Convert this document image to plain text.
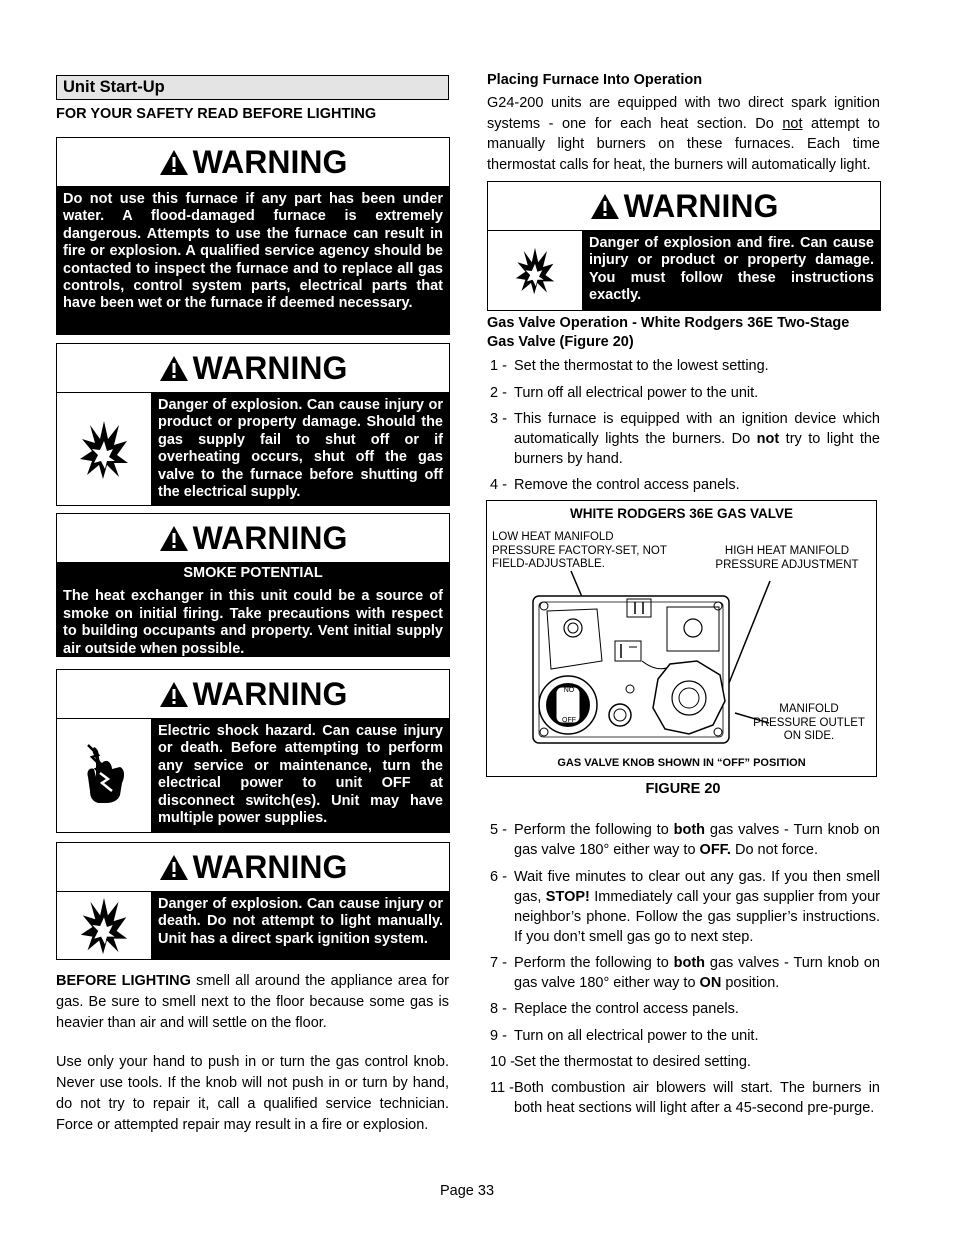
Unit Start-Up
FOR YOUR SAFETY READ BEFORE LIGHTING
WARNING
Do not use this furnace if any part has been under water. A flood-damaged furnace is extremely dangerous. Attempts to use the furnace can result in fire or explosion. A qualified service agency should be contacted to inspect the furnace and to replace all gas controls, control system parts, electrical parts that have been wet or the furnace if deemed necessary.
WARNING
Danger of explosion. Can cause injury or product or property damage. Should the gas supply fail to shut off or if overheating occurs, shut off the gas valve to the furnace before shutting off the electrical supply.
WARNING
SMOKE POTENTIAL
The heat exchanger in this unit could be a source of smoke on initial firing. Take precautions with respect to building occupants and property. Vent initial supply air outside when possible.
WARNING
Electric shock hazard. Can cause injury or death. Before attempting to perform any service or maintenance, turn the electrical power to unit OFF at disconnect switch(es). Unit may have multiple power supplies.
WARNING
Danger of explosion. Can cause injury or death. Do not attempt to light manually. Unit has a direct spark ignition system.
BEFORE LIGHTING smell all around the appliance area for gas. Be sure to smell next to the floor because some gas is heavier than air and will settle on the floor.
Use only your hand to push in or turn the gas control knob. Never use tools. If the knob will not push in or turn by hand, do not try to repair it, call a qualified service technician. Force or attempted repair may result in a fire or explosion.
Placing Furnace Into Operation
G24-200 units are equipped with two direct spark ignition systems - one for each heat section. Do not attempt to manually light burners on these furnaces. Each time thermostat calls for heat, the burners will automatically light.
WARNING
Danger of explosion and fire. Can cause injury or product or property damage. You must follow these instructions exactly.
Gas Valve Operation - White Rodgers 36E Two-Stage Gas Valve (Figure 20)
1 - Set the thermostat to the lowest setting.
2 - Turn off all electrical power to the unit.
3 - This furnace is equipped with an ignition device which automatically lights the burners. Do not try to light the burners by hand.
4 - Remove the control access panels.
WHITE RODGERS 36E GAS VALVE
LOW HEAT MANIFOLD PRESSURE FACTORY-SET, NOT FIELD-ADJUSTABLE.
HIGH HEAT MANIFOLD PRESSURE ADJUSTMENT
MANIFOLD PRESSURE OUTLET ON SIDE.
NO
OFF
GAS VALVE KNOB SHOWN IN “OFF” POSITION
FIGURE 20
5 - Perform the following to both gas valves - Turn knob on gas valve 180° either way to OFF. Do not force.
6 - Wait five minutes to clear out any gas. If you then smell gas, STOP! Immediately call your gas supplier from your neighbor’s phone. Follow the gas supplier’s instructions. If you don’t smell gas go to next step.
7 - Perform the following to both gas valves - Turn knob on gas valve 180° either way to ON position.
8 - Replace the control access panels.
9 - Turn on all electrical power to the unit.
10 - Set the thermostat to desired setting.
11 - Both combustion air blowers will start. The burners in both heat sections will light after a 45-second pre-purge.
Page 33
